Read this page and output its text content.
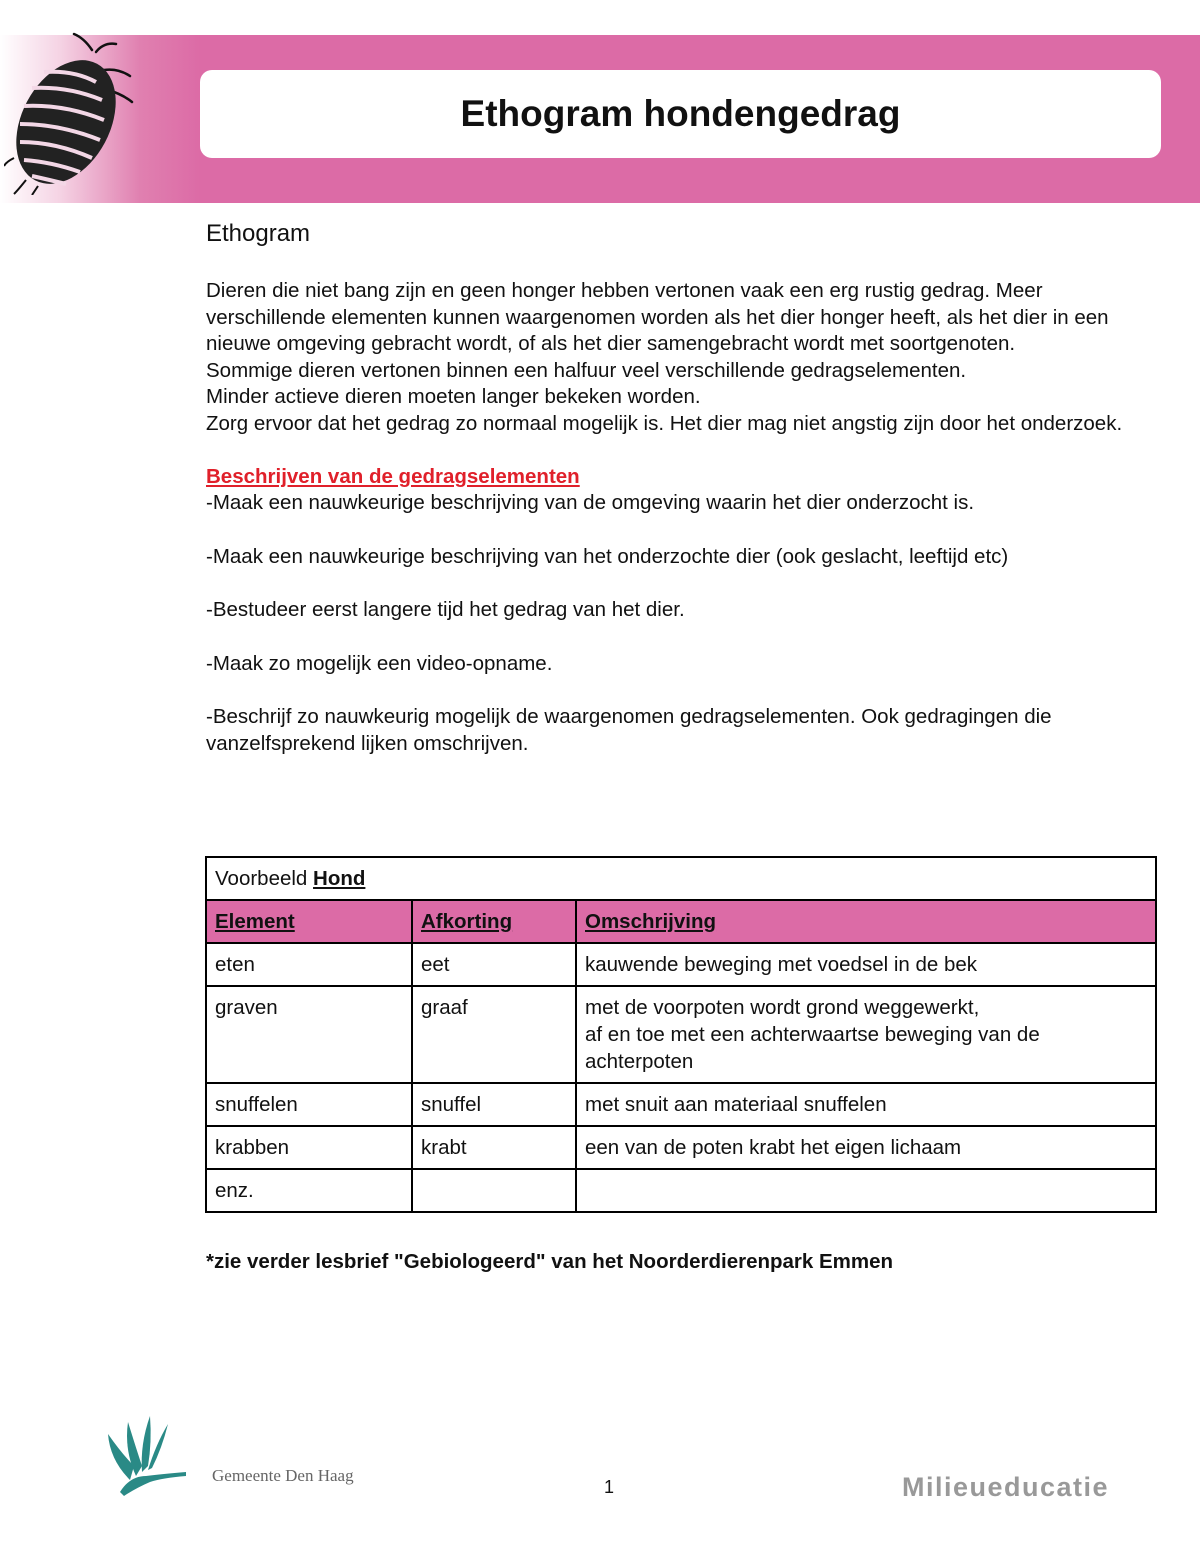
Ethogram hondengedrag
Ethogram

Dieren die niet bang zijn en geen honger hebben vertonen vaak een erg rustig gedrag. Meer verschillende elementen kunnen waargenomen worden als het dier honger heeft, als het dier in een nieuwe omgeving gebracht wordt, of als het dier samengebracht wordt met soortgenoten.

Sommige dieren vertonen binnen een halfuur veel verschillende gedragselementen.

Minder actieve dieren moeten langer bekeken worden.

Zorg ervoor dat het gedrag zo normaal mogelijk is. Het dier mag niet angstig zijn door het onderzoek.

Beschrijven van de gedragselementen

-Maak een nauwkeurige beschrijving van de omgeving waarin het dier onderzocht is.

-Maak een nauwkeurige beschrijving van het onderzochte dier (ook geslacht, leeftijd etc)

-Bestudeer eerst langere tijd het gedrag van het dier.

-Maak zo mogelijk een video-opname.

-Beschrijf zo nauwkeurig mogelijk de waargenomen gedragselementen. Ook gedragingen die vanzelfsprekend lijken omschrijven.

Voorbeeld Hond		
Element	Afkorting	Omschrijving
eten	eet	kauwende beweging met voedsel in de bek
graven	graaf	met de voorpoten wordt grond weggewerkt,
af en toe met een achterwaartse beweging van de achterpoten
snuffelen	snuffel	met snuit aan materiaal snuffelen
krabben	krabt	een van de poten krabt het eigen lichaam
enz.		
*zie verder lesbrief "Gebiologeerd" van het Noorderdierenpark Emmen
Gemeente Den Haag
1	Milieueducatie
